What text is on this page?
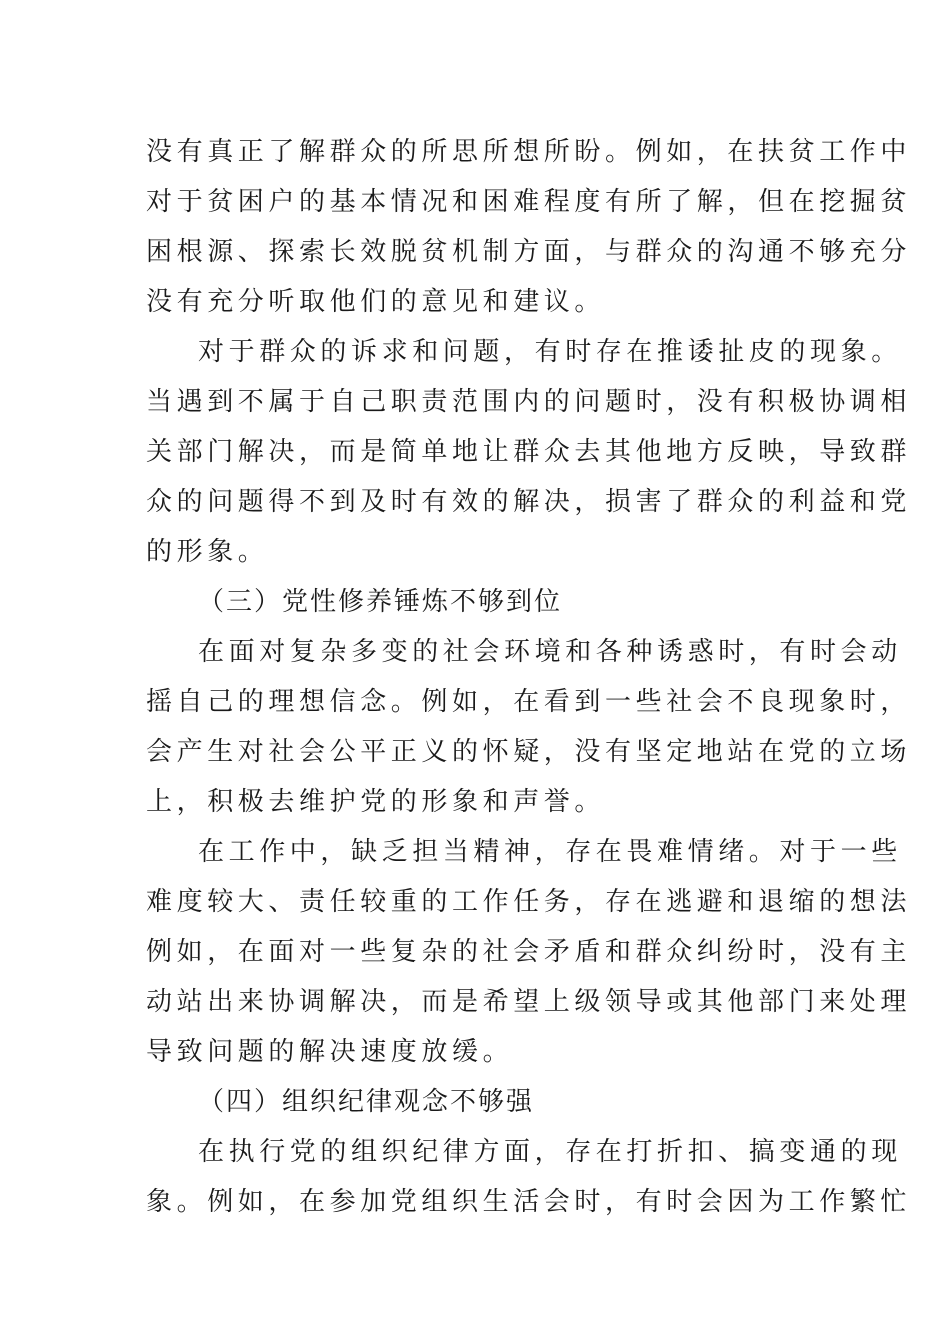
没有真正了解群众的所思所想所盼。例如，在扶贫工作中
对于贫困户的基本情况和困难程度有所了解，但在挖掘贫
困根源、探索长效脱贫机制方面，与群众的沟通不够充分
没有充分听取他们的意见和建议。
对于群众的诉求和问题，有时存在推诿扯皮的现象。
当遇到不属于自己职责范围内的问题时，没有积极协调相
关部门解决，而是简单地让群众去其他地方反映，导致群
众的问题得不到及时有效的解决，损害了群众的利益和党
的形象。
（三）党性修养锤炼不够到位
在面对复杂多变的社会环境和各种诱惑时，有时会动
摇自己的理想信念。例如，在看到一些社会不良现象时，
会产生对社会公平正义的怀疑，没有坚定地站在党的立场
上，积极去维护党的形象和声誉。
在工作中，缺乏担当精神，存在畏难情绪。对于一些
难度较大、责任较重的工作任务，存在逃避和退缩的想法
例如，在面对一些复杂的社会矛盾和群众纠纷时，没有主
动站出来协调解决，而是希望上级领导或其他部门来处理
导致问题的解决速度放缓。
（四）组织纪律观念不够强
在执行党的组织纪律方面，存在打折扣、搞变通的现
象。例如，在参加党组织生活会时，有时会因为工作繁忙
